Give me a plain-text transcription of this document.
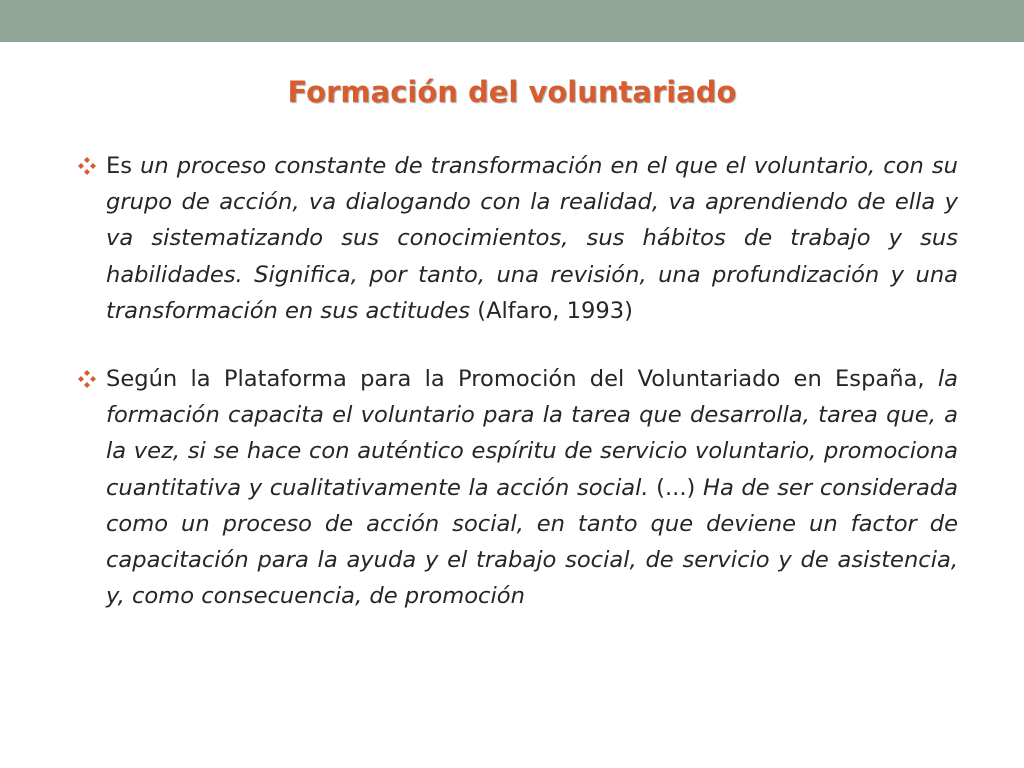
Formación del voluntariado
Es un proceso constante de transformación en el que el voluntario, con su grupo de acción, va dialogando con la realidad, va aprendiendo de ella y va sistematizando sus conocimientos, sus hábitos de trabajo y sus habilidades. Significa, por tanto, una revisión, una profundización y una transformación en sus actitudes (Alfaro, 1993)
Según la Plataforma para la Promoción del Voluntariado en España, la formación capacita el voluntario para la tarea que desarrolla, tarea que, a la vez, si se hace con auténtico espíritu de servicio voluntario, promociona cuantitativa y cualitativamente la acción social. (...) Ha de ser considerada como un proceso de acción social, en tanto que deviene un factor de capacitación para la ayuda y el trabajo social, de servicio y de asistencia, y, como consecuencia, de promoción
